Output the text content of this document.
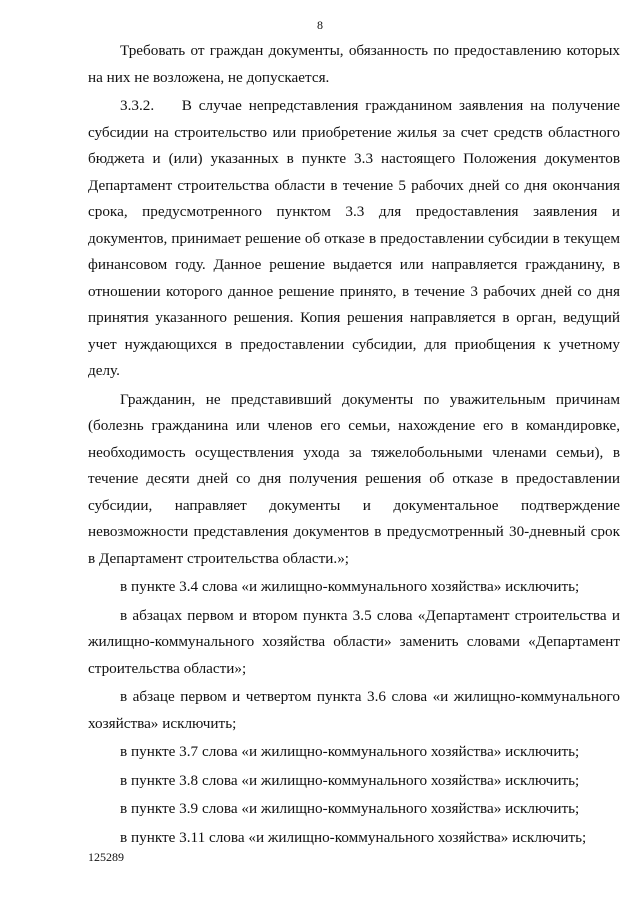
8

Требовать от граждан документы, обязанность по предоставлению которых на них не возложена, не допускается.

3.3.2.    В случае непредставления гражданином заявления на получение субсидии на строительство или приобретение жилья за счет средств областного бюджета и (или) указанных в пункте 3.3 настоящего Положения документов Департамент строительства области в течение 5 рабочих дней со дня окончания срока, предусмотренного пунктом 3.3 для предоставления заявления и документов, принимает решение об отказе в предоставлении субсидии в текущем финансовом году. Данное решение выдается или направляется гражданину, в отношении которого данное решение принято, в течение 3 рабочих дней со дня принятия указанного решения. Копия решения направляется в орган, ведущий учет нуждающихся в предоставлении субсидии, для приобщения к учетному делу.

Гражданин, не представивший документы по уважительным причинам (болезнь гражданина или членов его семьи, нахождение его в командировке, необходимость осуществления ухода за тяжелобольными членами семьи), в течение десяти дней со дня получения решения об отказе в предоставлении субсидии, направляет документы и документальное подтверждение невозможности представления документов в предусмотренный 30-дневный срок в Департамент строительства области.»;

в пункте 3.4 слова «и жилищно-коммунального хозяйства» исключить;

в абзацах первом и втором пункта 3.5 слова «Департамент строительства и жилищно-коммунального хозяйства области» заменить словами «Департамент строительства области»;

в абзаце первом и четвертом пункта 3.6 слова «и жилищно-коммунального хозяйства» исключить;

в пункте 3.7 слова «и жилищно-коммунального хозяйства» исключить;

в пункте 3.8 слова «и жилищно-коммунального хозяйства» исключить;

в пункте 3.9 слова «и жилищно-коммунального хозяйства» исключить;

в пункте 3.11 слова «и жилищно-коммунального хозяйства» исключить;

125289
